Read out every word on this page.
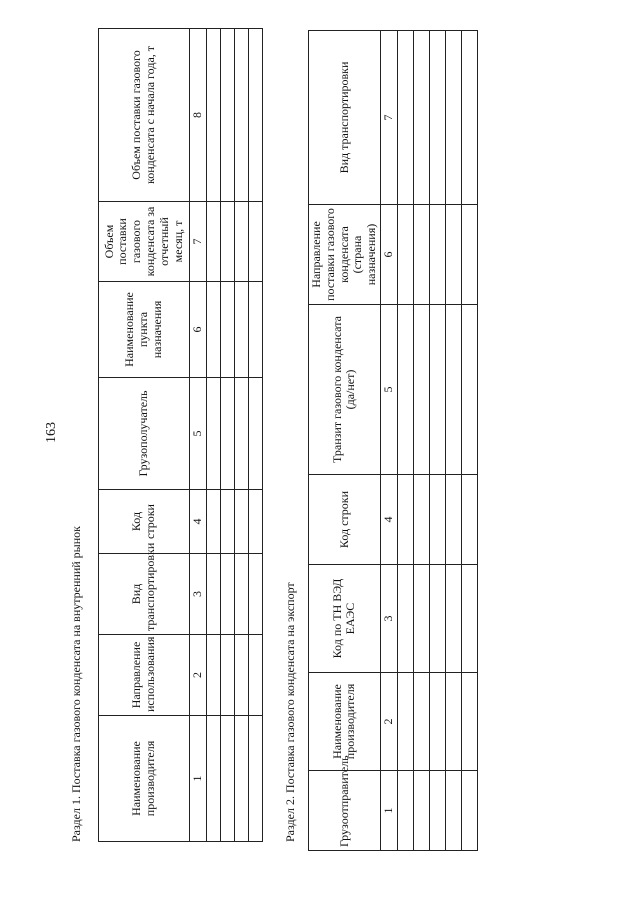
163
Раздел 1. Поставка газового конденсата на внутренний рынок	Наименование производителя	Направление использования	Вид транспортировки	Код строки	Грузополучатель	Наименование пункта назначения	Объем поставки газового конденсата за отчетный месяц, т	Объем поставки газового конденсата с начала года, т
1	2	3	4	5	6	7	8

Раздел 2. Поставка газового конденсата на экспорт	Грузоотправитель	Наименование производителя	Код по ТН ВЭД ЕАЭС	Код строки	Транзит газового конденсата (да/нет)	Направление поставки газового конденсата (страна назначения)	Вид транспортировки
1	2	3	4	5	6	7
